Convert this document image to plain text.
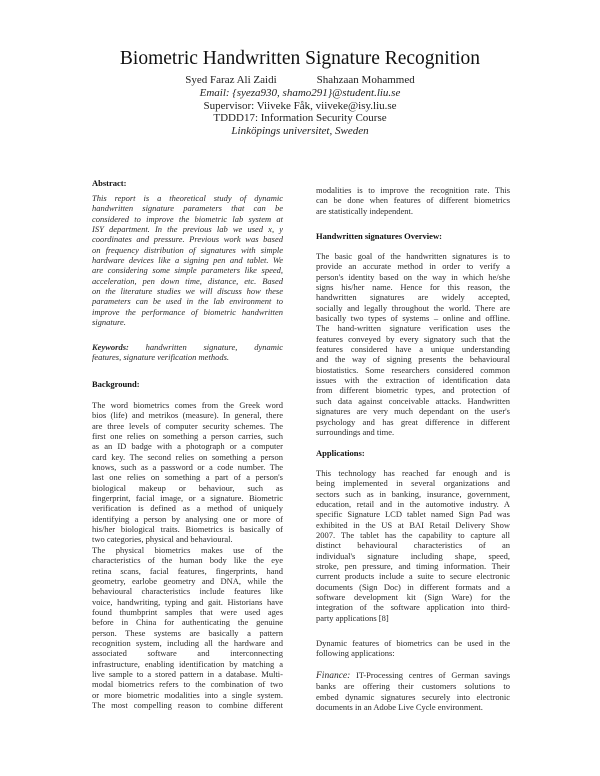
Biometric Handwritten Signature Recognition
Syed Faraz Ali Zaidi	Shahzaan Mohammed
Email: {syeza930, shamo291}@student.liu.se
Supervisor: Viiveke Fåk, viiveke@isy.liu.se
TDDD17: Information Security Course
Linköpings universitet, Sweden
Abstract:
This report is a theoretical study of dynamic
handwritten signature parameters that can be
considered to improve the biometric lab system at
ISY department. In the previous lab we used x, y
coordinates and pressure. Previous work was based
on frequency distribution of signatures with simple
hardware devices like a signing pen and tablet. We
are considering some simple parameters like speed,
acceleration, pen down time, distance, etc. Based
on the literature studies we will discuss how these
parameters can be used in the lab environment to
improve the performance of biometric handwritten
signature.
Keywords: handwritten signature, dynamic
features, signature verification methods.
Background:
The word biometrics comes from the Greek word
bios (life) and metrikos (measure). In general, there
are three levels of computer security schemes. The
first one relies on something a person carries, such
as an ID badge with a photograph or a computer
card key. The second relies on something a person
knows, such as a password or a code number. The
last one relies on something a part of a person's
biological makeup or behaviour, such as
fingerprint, facial image, or a signature. Biometric
verification is defined as a method of uniquely
identifying a person by analysing one or more of
his/her biological traits. Biometrics is basically of
two categories, physical and behavioural.
The physical biometrics makes use of the
characteristics of the human body like the eye
retina scans, facial features, fingerprints, hand
geometry, earlobe geometry and DNA, while the
behavioural characteristics include features like
voice, handwriting, typing and gait. Historians have
found thumbprint samples that were used ages
before in China for authenticating the genuine
person. These systems are basically a pattern
recognition system, including all the hardware and
associated software and interconnecting
infrastructure, enabling identification by matching a
live sample to a stored pattern in a database. Multi-
modal biometrics refers to the combination of two
or more biometric modalities into a single system.
The most compelling reason to combine different
modalities is to improve the recognition rate. This
can be done when features of different biometrics
are statistically independent.
Handwritten signatures Overview:
The basic goal of the handwritten signatures is to
provide an accurate method in order to verify a
person's identity based on the way in which he/she
signs his/her name. Hence for this reason, the
handwritten signatures are widely accepted,
socially and legally throughout the world. There are
basically two types of systems – online and offline.
The hand-written signature verification uses the
features conveyed by every signatory such that the
features considered have a unique understanding
and the way of signing presents the behavioural
biostatistics. Some researchers considered common
issues with the extraction of identification data
from different biometric types, and protection of
such data against conceivable attacks. Handwritten
signatures are very much dependant on the user's
psychology and has great difference in different
surroundings and time.
Applications:
This technology has reached far enough and is
being implemented in several organizations and
sectors such as in banking, insurance, government,
education, retail and in the automotive industry. A
specific Signature LCD tablet named Sign Pad was
exhibited in the US at BAI Retail Delivery Show
2007. The tablet has the capability to capture all
distinct behavioural characteristics of an
individual's signature including shape, speed,
stroke, pen pressure, and timing information. Their
current products include a suite to secure electronic
documents (Sign Doc) in different formats and a
software development kit (Sign Ware) for the
integration of the software application into third-
party applications [8]
Dynamic features of biometrics can be used in the
following applications:
Finance: IT-Processing centres of German savings
banks are offering their customers solutions to
embed dynamic signatures securely into electronic
documents in an Adobe Live Cycle environment.
